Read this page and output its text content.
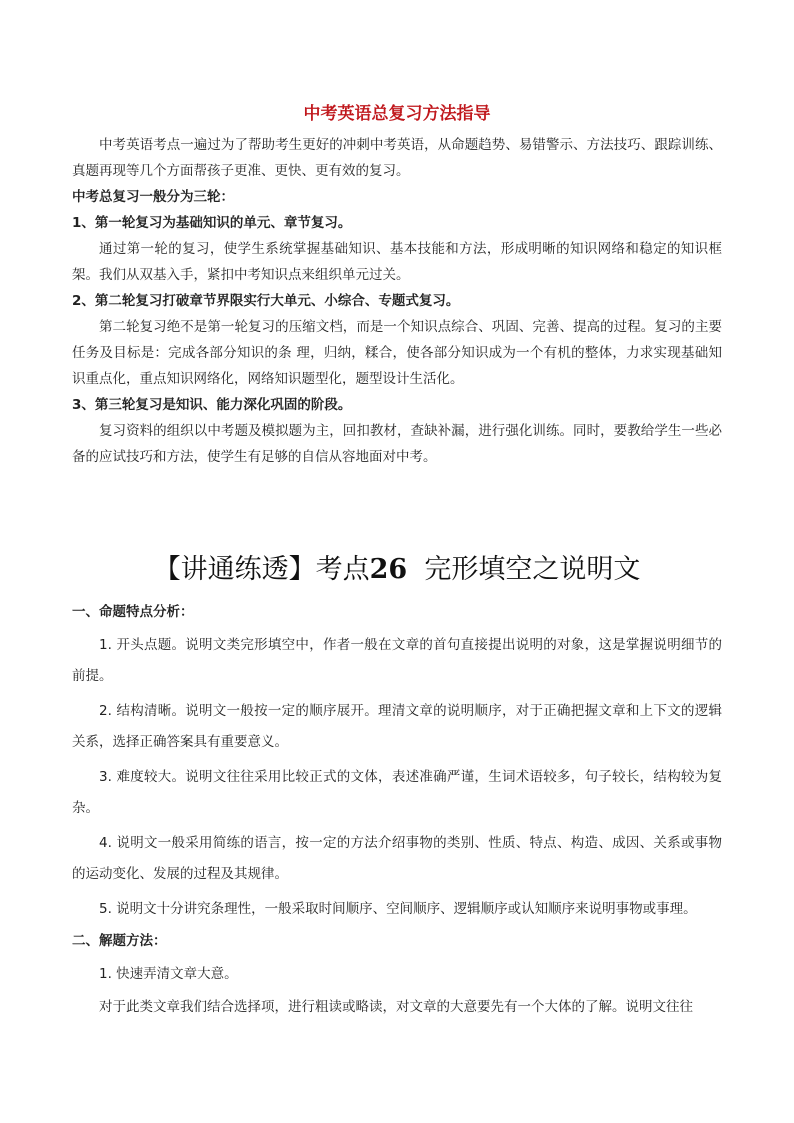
中考英语总复习方法指导

中考英语考点一遍过为了帮助考生更好的冲刺中考英语，从命题趋势、易错警示、方法技巧、跟踪训练、真题再现等几个方面帮孩子更准、更快、更有效的复习。

中考总复习一般分为三轮：

1、第一轮复习为基础知识的单元、章节复习。

通过第一轮的复习，使学生系统掌握基础知识、基本技能和方法，形成明晰的知识网络和稳定的知识框架。我们从双基入手，紧扣中考知识点来组织单元过关。

2、第二轮复习打破章节界限实行大单元、小综合、专题式复习。

第二轮复习绝不是第一轮复习的压缩文档，而是一个知识点综合、巩固、完善、提高的过程。复习的主要任务及目标是：完成各部分知识的条 理，归纳，糅合，使各部分知识成为一个有机的整体，力求实现基础知识重点化，重点知识网络化，网络知识题型化，题型设计生活化。

3、第三轮复习是知识、能力深化巩固的阶段。

复习资料的组织以中考题及模拟题为主，回扣教材，查缺补漏，进行强化训练。同时，要教给学生一些必备的应试技巧和方法，使学生有足够的自信从容地面对中考。

【讲通练透】考点26 完形填空之说明文

一、命题特点分析：

1. 开头点题。说明文类完形填空中，作者一般在文章的首句直接提出说明的对象，这是掌握说明细节的前提。

2. 结构清晰。说明文一般按一定的顺序展开。理清文章的说明顺序，对于正确把握文章和上下文的逻辑关系，选择正确答案具有重要意义。

3. 难度较大。说明文往往采用比较正式的文体，表述准确严谨，生词术语较多，句子较长，结构较为复杂。

4. 说明文一般采用简练的语言，按一定的方法介绍事物的类别、性质、特点、构造、成因、关系或事物的运动变化、发展的过程及其规律。

5. 说明文十分讲究条理性，一般采取时间顺序、空间顺序、逻辑顺序或认知顺序来说明事物或事理。

二、解题方法：

1. 快速弄清文章大意。

对于此类文章我们结合选择项，进行粗读或略读，对文章的大意要先有一个大体的了解。说明文往往
